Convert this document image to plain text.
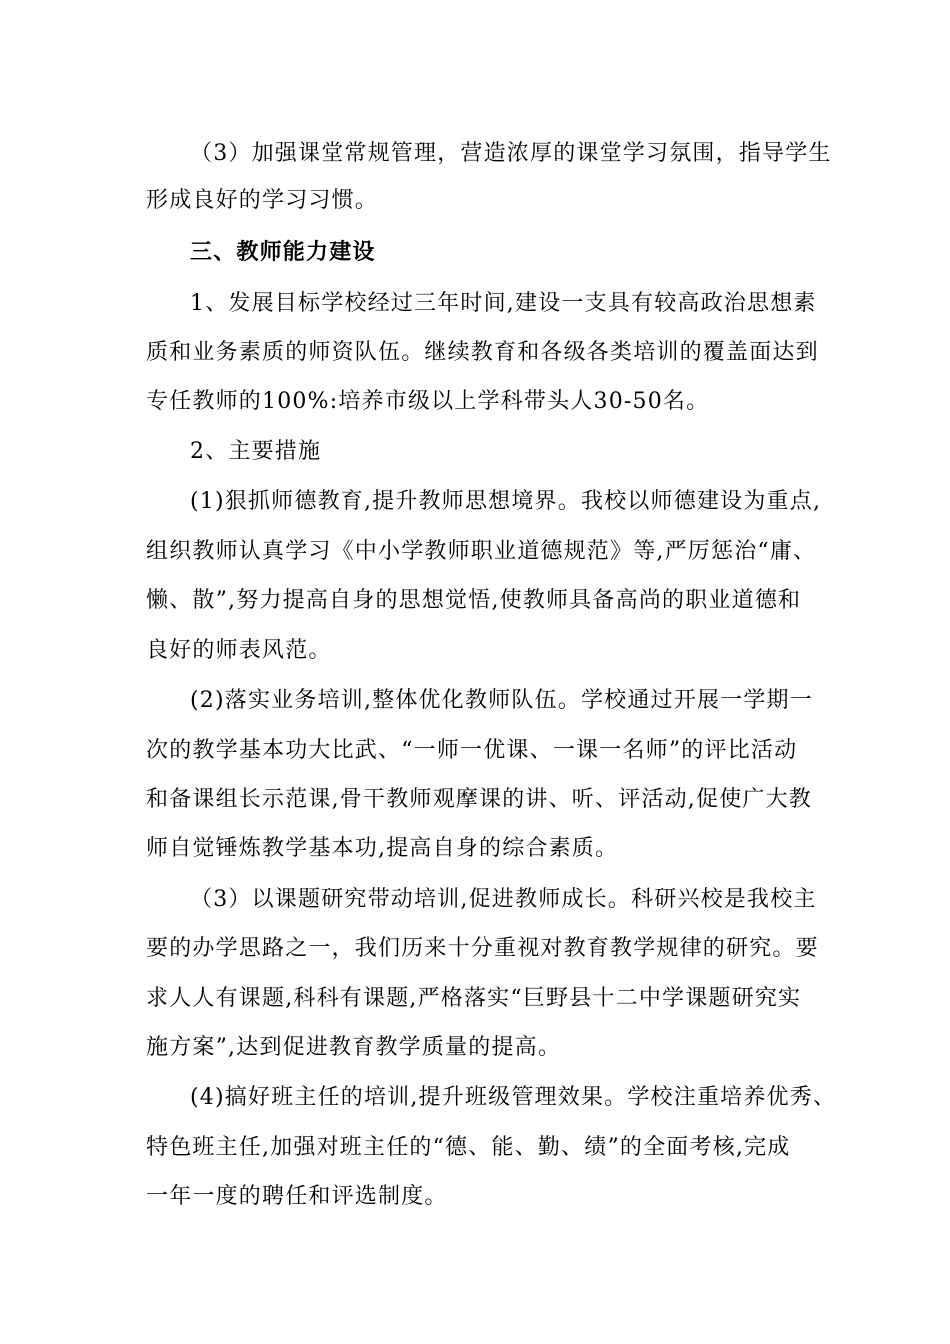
（3）加强课堂常规管理，营造浓厚的课堂学习氛围，指导学生
形成良好的学习习惯。
三、教师能力建设
1、发展目标学校经过三年时间,建设一支具有较高政治思想素
质和业务素质的师资队伍。继续教育和各级各类培训的覆盖面达到
专任教师的100%:培养市级以上学科带头人30-50名。
2、主要措施
(1)狠抓师德教育,提升教师思想境界。我校以师德建设为重点,
组织教师认真学习《中小学教师职业道德规范》等,严厉惩治“庸、
懒、散”,努力提高自身的思想觉悟,使教师具备高尚的职业道德和
良好的师表风范。
(2)落实业务培训,整体优化教师队伍。学校通过开展一学期一
次的教学基本功大比武、“一师一优课、一课一名师”的评比活动
和备课组长示范课,骨干教师观摩课的讲、听、评活动,促使广大教
师自觉锤炼教学基本功,提高自身的综合素质。
（3）以课题研究带动培训,促进教师成长。科研兴校是我校主
要的办学思路之一，我们历来十分重视对教育教学规律的研究。要
求人人有课题,科科有课题,严格落实“巨野县十二中学课题研究实
施方案”,达到促进教育教学质量的提高。
(4)搞好班主任的培训,提升班级管理效果。学校注重培养优秀、
特色班主任,加强对班主任的“德、能、勤、绩”的全面考核,完成
一年一度的聘任和评选制度。
